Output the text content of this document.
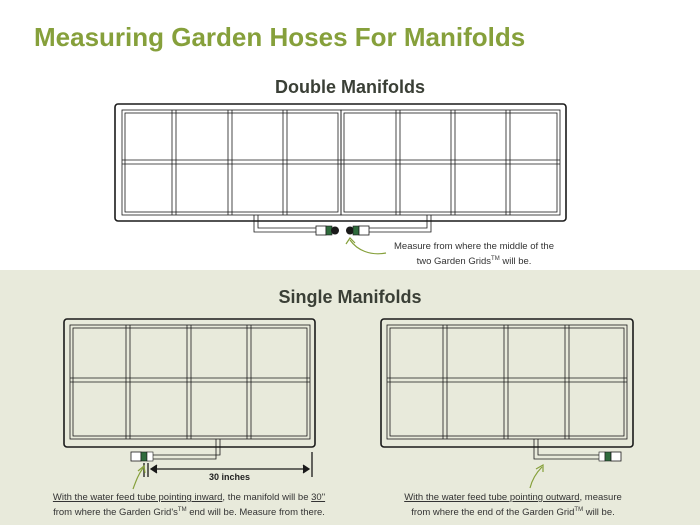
Measuring Garden Hoses For Manifolds
Double Manifolds
Measure from where the middle of the
two Garden Grids™ will be.
Single Manifolds
30 inches
With the water feed tube pointing inward, the manifold will be 30"
from where the Garden Grid's™ end will be. Measure from there.
With the water feed tube pointing outward, measure
from where the end of the Garden Grid™ will be.
